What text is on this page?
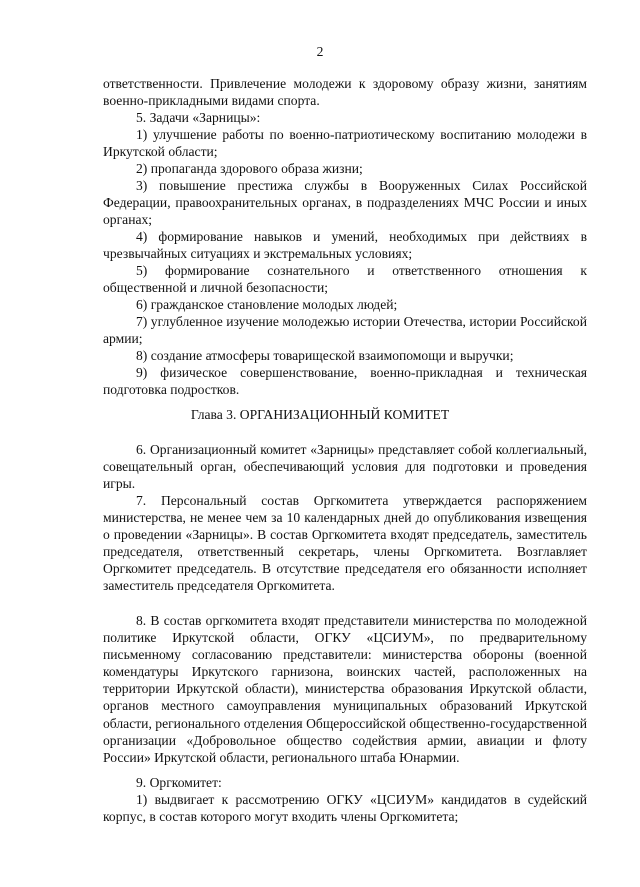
2

ответственности. Привлечение молодежи к здоровому образу жизни, занятиям военно-прикладными видами спорта.

5. Задачи «Зарницы»:

1) улучшение работы по военно-патриотическому воспитанию молодежи в Иркутской области;

2) пропаганда здорового образа жизни;

3) повышение престижа службы в Вооруженных Силах Российской Федерации, правоохранительных органах, в подразделениях МЧС России и иных органах;

4) формирование навыков и умений, необходимых при действиях в чрезвычайных ситуациях и экстремальных условиях;

5) формирование сознательного и ответственного отношения к общественной и личной безопасности;

6) гражданское становление молодых людей;

7) углубленное изучение молодежью истории Отечества, истории Российской армии;

8) создание атмосферы товарищеской взаимопомощи и выручки;

9) физическое совершенствование, военно-прикладная и техническая подготовка подростков.

Глава 3. ОРГАНИЗАЦИОННЫЙ КОМИТЕТ

6. Организационный комитет «Зарницы» представляет собой коллегиальный, совещательный орган, обеспечивающий условия для подготовки и проведения игры.

7. Персональный состав Оргкомитета утверждается распоряжением министерства, не менее чем за 10 календарных дней до опубликования извещения о проведении «Зарницы». В состав Оргкомитета входят председатель, заместитель председателя, ответственный секретарь, члены Оргкомитета. Возглавляет Оргкомитет председатель. В отсутствие председателя его обязанности исполняет заместитель председателя Оргкомитета.

8. В состав оргкомитета входят представители министерства по молодежной политике Иркутской области, ОГКУ «ЦСИУМ», по предварительному письменному согласованию представители: министерства обороны (военной комендатуры Иркутского гарнизона, воинских частей, расположенных на территории Иркутской области), министерства образования Иркутской области, органов местного самоуправления муниципальных образований Иркутской области, регионального отделения Общероссийской общественно-государственной организации «Добровольное общество содействия армии, авиации и флоту России» Иркутской области, регионального штаба Юнармии.

9. Оргкомитет:

1) выдвигает к рассмотрению ОГКУ «ЦСИУМ» кандидатов в судейский корпус, в состав которого могут входить члены Оргкомитета;
